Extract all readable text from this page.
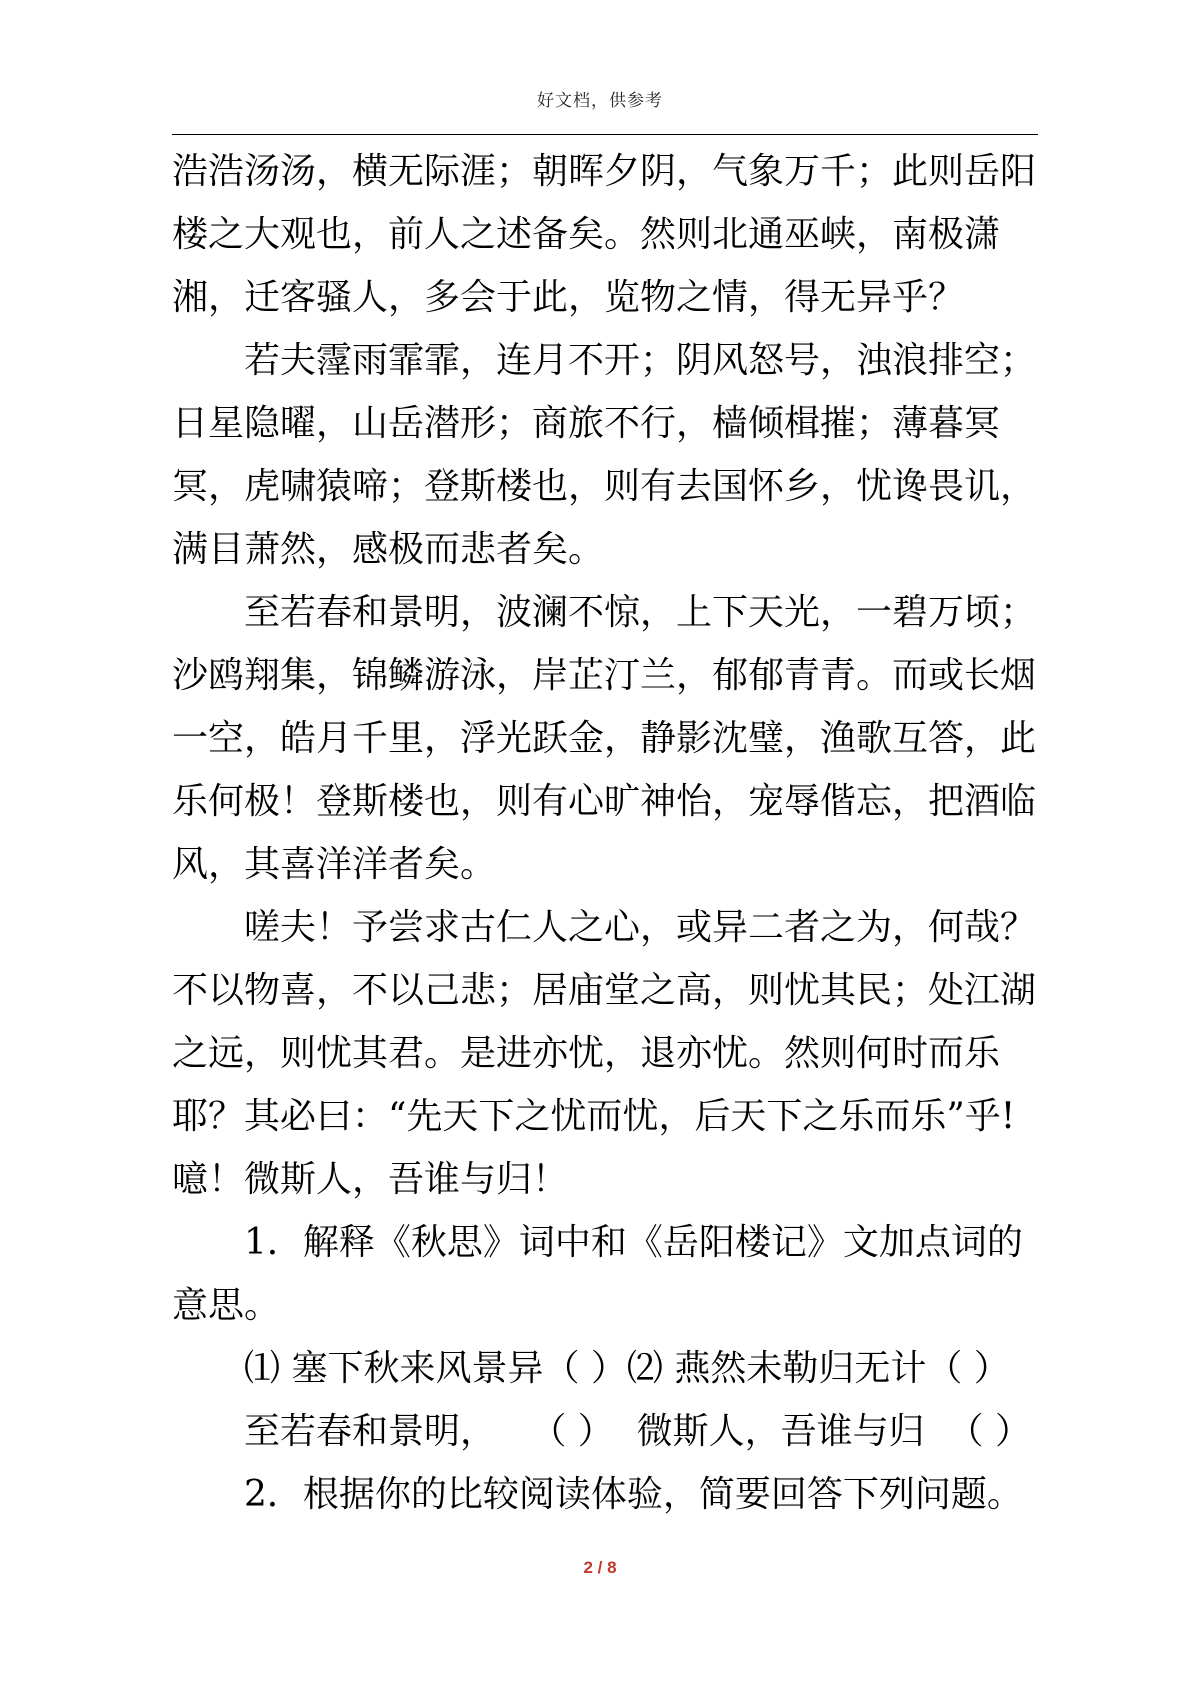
好文档，供参考

浩浩汤汤，横无际涯；朝晖夕阴，气象万千；此则岳阳楼之大观也，前人之述备矣。然则北通巫峡，南极潇湘，迁客骚人，多会于此，览物之情，得无异乎？

若夫霪雨霏霏，连月不开；阴风怒号，浊浪排空；日星隐曜，山岳潜形；商旅不行，樯倾楫摧；薄暮冥冥，虎啸猿啼；登斯楼也，则有去国怀乡，忧谗畏讥，满目萧然，感极而悲者矣。

至若春和景明，波澜不惊，上下天光，一碧万顷；沙鸥翔集，锦鳞游泳，岸芷汀兰，郁郁青青。而或长烟一空，皓月千里，浮光跃金，静影沈璧，渔歌互答，此乐何极！登斯楼也，则有心旷神怡，宠辱偕忘，把酒临风，其喜洋洋者矣。

嗟夫！予尝求古仁人之心，或异二者之为，何哉？不以物喜，不以己悲；居庙堂之高，则忧其民；处江湖之远，则忧其君。是进亦忧，退亦忧。然则何时而乐耶？其必曰：“先天下之忧而忧，后天下之乐而乐”乎!噫！微斯人，吾谁与归！

1．解释《秋思》词中和《岳阳楼记》文加点词的意思。

⑴ 塞下秋来风景异（ ）⑵ 燕然未勒归无计（ ）

至若春和景明，   （ ）  微斯人，吾谁与归  （ ）

2．根据你的比较阅读体验，简要回答下列问题。

2 / 8
